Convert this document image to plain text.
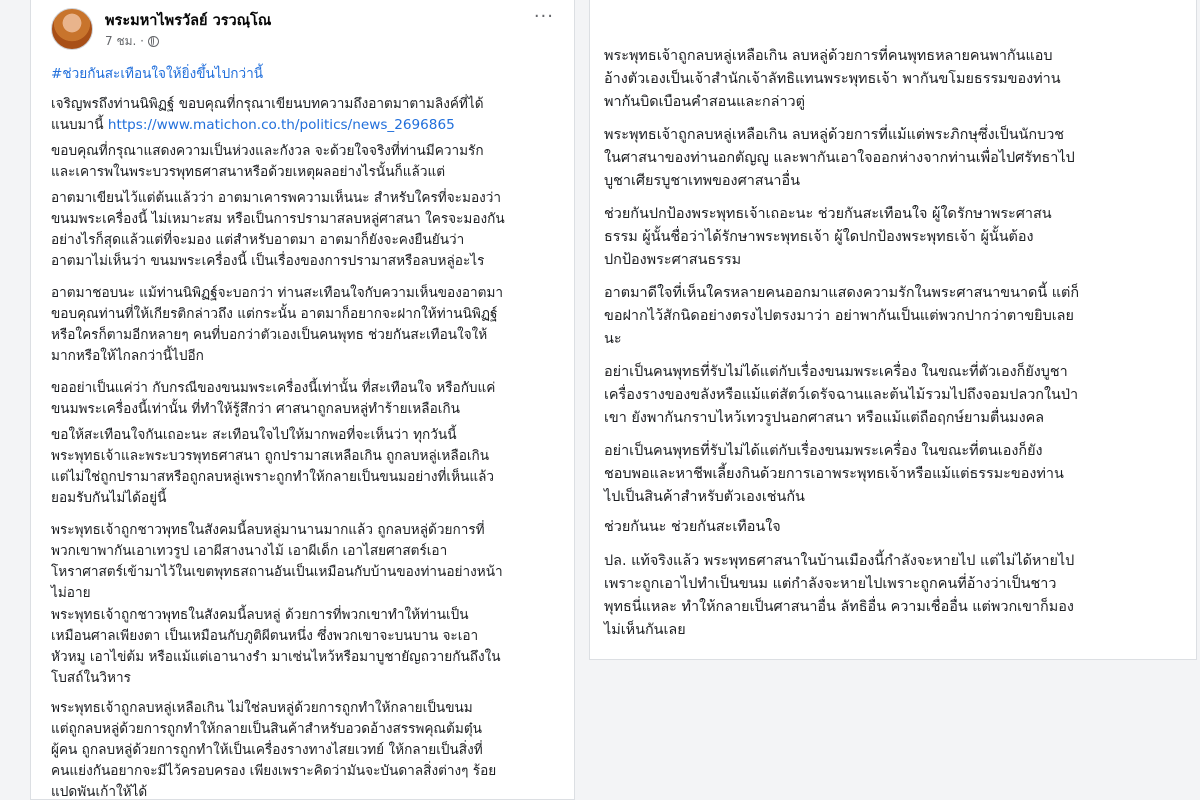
พระมหาไพรวัลย์ วรวณฺโณ
7 ชม. ·
···
#ช่วยกันสะเทือนใจให้ยิ่งขึ้นไปกว่านี้

เจริญพรถึงท่านนิพิฏฐ์ ขอบคุณที่กรุณาเขียนบทความถึงอาตมาตามลิงค์ที่ได้
แนบมานี้ https://www.matichon.co.th/politics/news_2696865

ขอบคุณที่กรุณาแสดงความเป็นห่วงและกังวล จะด้วยใจจริงที่ท่านมีความรัก
และเคารพในพระบวรพุทธศาสนาหรือด้วยเหตุผลอย่างไรนั้นก็แล้วแต่

อาตมาเขียนไว้แต่ต้นแล้วว่า อาตมาเคารพความเห็นนะ สำหรับใครที่จะมองว่า
ขนมพระเครื่องนี้ ไม่เหมาะสม หรือเป็นการปรามาสลบหลู่ศาสนา ใครจะมองกัน
อย่างไรก็สุดแล้วแต่ที่จะมอง แต่สำหรับอาตมา อาตมาก็ยังจะคงยืนยันว่า
อาตมาไม่เห็นว่า ขนมพระเครื่องนี้ เป็นเรื่องของการปรามาสหรือลบหลู่อะไร

อาตมาชอบนะ แม้ท่านนิพิฏฐ์จะบอกว่า ท่านสะเทือนใจกับความเห็นของอาตมา
ขอบคุณท่านที่ให้เกียรติกล่าวถึง แต่กระนั้น อาตมาก็อยากจะฝากให้ท่านนิพิฏฐ์
หรือใครก็ตามอีกหลายๆ คนที่บอกว่าตัวเองเป็นคนพุทธ ช่วยกันสะเทือนใจให้
มากหรือให้ไกลกว่านี้ไปอีก

ขออย่าเป็นแค่ว่า กับกรณีของขนมพระเครื่องนี้เท่านั้น ที่สะเทือนใจ หรือกับแค่
ขนมพระเครื่องนี้เท่านั้น ที่ทำให้รู้สึกว่า ศาสนาถูกลบหลู่ทำร้ายเหลือเกิน

ขอให้สะเทือนใจกันเถอะนะ สะเทือนใจไปให้มากพอที่จะเห็นว่า ทุกวันนี้
พระพุทธเจ้าและพระบวรพุทธศาสนา ถูกปรามาสเหลือเกิน ถูกลบหลู่เหลือเกิน
แต่ไม่ใช่ถูกปรามาสหรือถูกลบหลู่เพราะถูกทำให้กลายเป็นขนมอย่างที่เห็นแล้ว
ยอมรับกันไม่ได้อยู่นี้

พระพุทธเจ้าถูกชาวพุทธในสังคมนี้ลบหลู่มานานมากแล้ว ถูกลบหลู่ด้วยการที่
พวกเขาพากันเอาเทวรูป เอาผีสางนางไม้ เอาผีเด็ก เอาไสยศาสตร์เอา
โหราศาสตร์เข้ามาไว้ในเขตพุทธสถานอันเป็นเหมือนกับบ้านของท่านอย่างหน้า
ไม่อาย

พระพุทธเจ้าถูกชาวพุทธในสังคมนี้ลบหลู่ ด้วยการที่พวกเขาทำให้ท่านเป็น
เหมือนศาลเพียงตา เป็นเหมือนกับภูติผีตนหนึ่ง ซึ่งพวกเขาจะบนบาน จะเอา
หัวหมู เอาไข่ต้ม หรือแม้แต่เอานางรำ มาเซ่นไหว้หรือมาบูชายัญถวายกันถึงใน
โบสถ์ในวิหาร

พระพุทธเจ้าถูกลบหลู่เหลือเกิน ไม่ใช่ลบหลู่ด้วยการถูกทำให้กลายเป็นขนม
แต่ถูกลบหลู่ด้วยการถูกทำให้กลายเป็นสินค้าสำหรับอวดอ้างสรรพคุณต้มตุ๋น
ผู้คน ถูกลบหลู่ด้วยการถูกทำให้เป็นเครื่องรางทางไสยเวทย์ ให้กลายเป็นสิ่งที่
คนแย่งกันอยากจะมีไว้ครอบครอง เพียงเพราะคิดว่ามันจะบันดาลสิ่งต่างๆ ร้อย
แปดพันเก้าให้ได้

พระพุทธเจ้าถูกลบหลู่เหลือเกิน ลบหลู่ด้วยการที่คนพุทธหลายคนพากันแอบ
อ้างตัวเองเป็นเจ้าสำนักเจ้าลัทธิแทนพระพุทธเจ้า พากันขโมยธรรมของท่าน
พากันบิดเบือนคำสอนและกล่าวตู่

พระพุทธเจ้าถูกลบหลู่เหลือเกิน ลบหลู่ด้วยการที่แม้แต่พระภิกษุซึ่งเป็นนักบวช
ในศาสนาของท่านอกตัญญู และพากันเอาใจออกห่างจากท่านเพื่อไปศรัทธาไป
บูชาเศียรบูชาเทพของศาสนาอื่น

ช่วยกันปกป้องพระพุทธเจ้าเถอะนะ ช่วยกันสะเทือนใจ ผู้ใดรักษาพระศาสน
ธรรม ผู้นั้นชื่อว่าได้รักษาพระพุทธเจ้า ผู้ใดปกป้องพระพุทธเจ้า ผู้นั้นต้อง
ปกป้องพระศาสนธรรม

อาตมาดีใจที่เห็นใครหลายคนออกมาแสดงความรักในพระศาสนาขนาดนี้ แต่ก็
ขอฝากไว้สักนิดอย่างตรงไปตรงมาว่า อย่าพากันเป็นแต่พวกปากว่าตาขยิบเลย
นะ

อย่าเป็นคนพุทธที่รับไม่ได้แต่กับเรื่องขนมพระเครื่อง ในขณะที่ตัวเองก็ยังบูชา
เครื่องรางของขลังหรือแม้แต่สัตว์เดรัจฉานและต้นไม้รวมไปถึงจอมปลวกในป่า
เขา ยังพากันกราบไหว้เทวรูปนอกศาสนา หรือแม้แต่ถือฤกษ์ยามตื่นมงคล

อย่าเป็นคนพุทธที่รับไม่ได้แต่กับเรื่องขนมพระเครื่อง ในขณะที่ตนเองก็ยัง
ชอบพอและหาชีพเลี้ยงกินด้วยการเอาพระพุทธเจ้าหรือแม้แต่ธรรมะของท่าน
ไปเป็นสินค้าสำหรับตัวเองเช่นกัน

ช่วยกันนะ ช่วยกันสะเทือนใจ

ปล. แท้จริงแล้ว พระพุทธศาสนาในบ้านเมืองนี้กำลังจะหายไป แต่ไม่ได้หายไป
เพราะถูกเอาไปทำเป็นขนม แต่กำลังจะหายไปเพราะถูกคนที่อ้างว่าเป็นชาว
พุทธนี่แหละ ทำให้กลายเป็นศาสนาอื่น ลัทธิอื่น ความเชื่ออื่น แต่พวกเขาก็มอง
ไม่เห็นกันเลย
